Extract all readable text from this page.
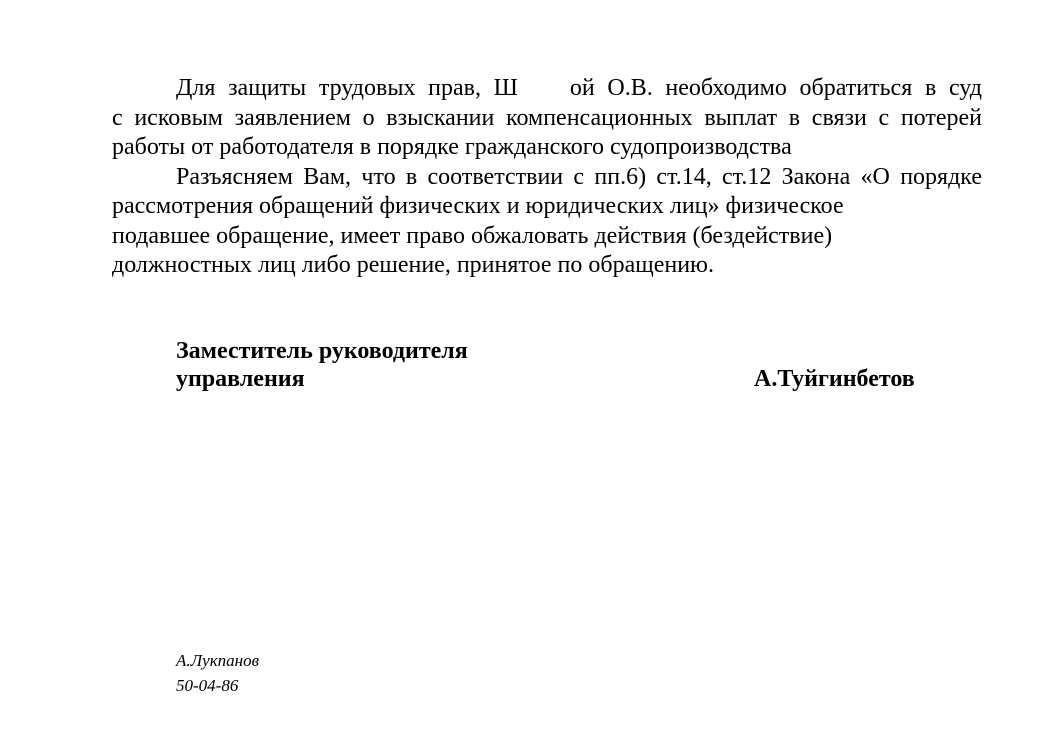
Для защиты трудовых прав, Ш ой О.В. необходимо обратиться в суд
с исковым заявлением о взыскании компенсационных выплат в связи с потерей
работы от работодателя в порядке гражданского судопроизводства
Разъясняем Вам, что в соответствии с пп.6) ст.14, ст.12 Закона «О порядке
рассмотрения обращений физических и юридических лиц» физическое
подавшее обращение, имеет право обжаловать действия (бездействие)
должностных лиц либо решение, принятое по обращению.
Заместитель руководителя
управления	А.Туйгинбетов
А.Лукпанов
50-04-86
